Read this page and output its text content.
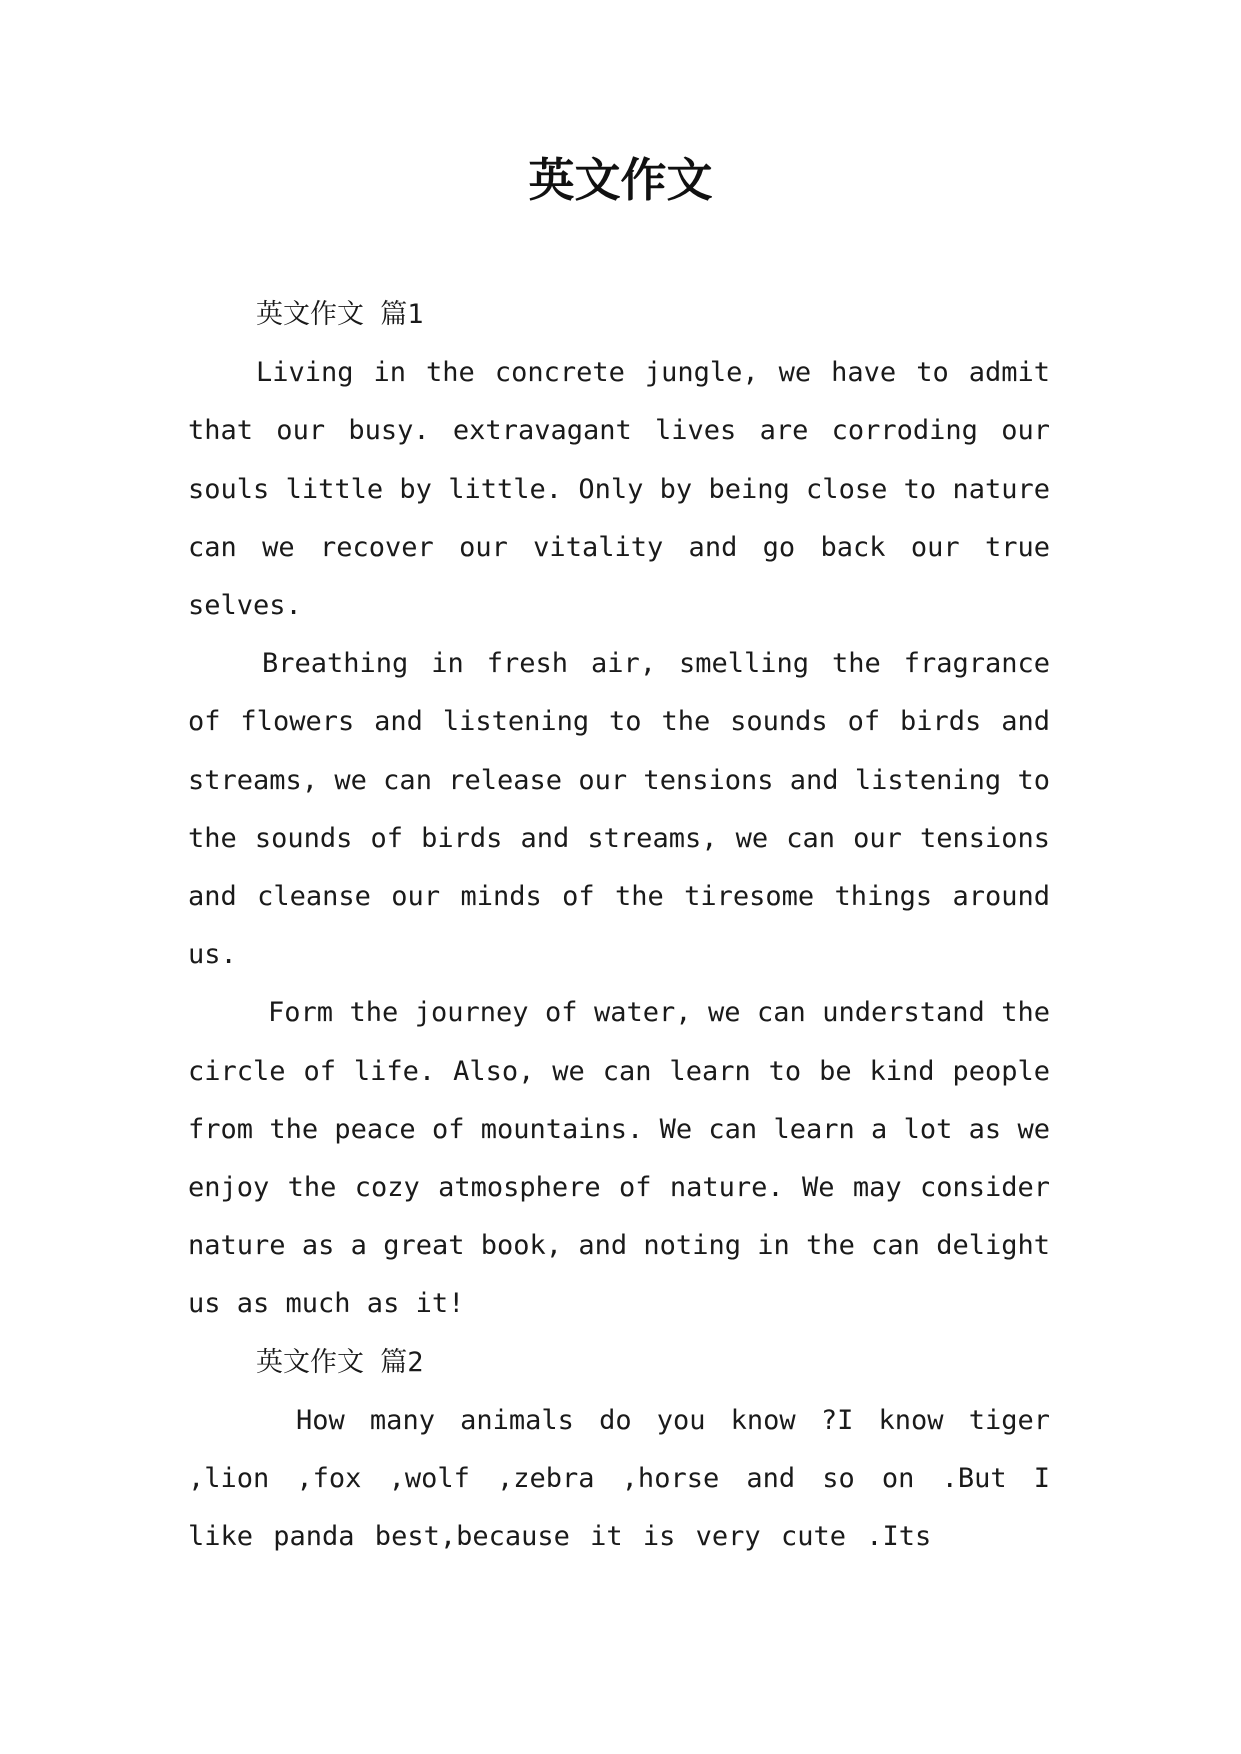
英文作文

英文作文 篇1

Living in the concrete jungle, we have to admit that our busy. extravagant lives are corroding our souls little by little. Only by being close to nature can we recover our vitality and go back our true selves.

Breathing in fresh air, smelling the fragrance of flowers and listening to the sounds of birds and streams, we can release our tensions and listening to the sounds of birds and streams, we can our tensions and cleanse our minds of the tiresome things around us.

Form the journey of water, we can understand the circle of life. Also, we can learn to be kind people from the peace of mountains. We can learn a lot as we enjoy the cozy atmosphere of nature. We may consider nature as a great book, and noting in the can delight us as much as it!

英文作文 篇2

How many animals do you know ?I know tiger ,lion ,fox ,wolf ,zebra ,horse and so on .But I like panda best,because it is very cute .Its
